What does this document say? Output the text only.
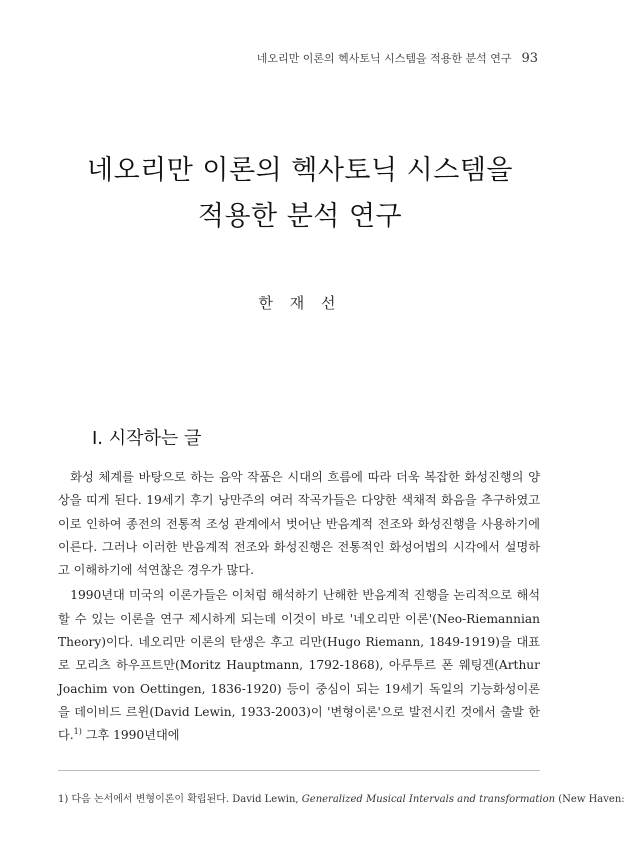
네오리만 이론의 헥사토닉 시스템을 적용한 분석 연구 93
네오리만 이론의 헥사토닉 시스템을
적용한 분석 연구
한 재 선
Ⅰ. 시작하는 글

화성 체계를 바탕으로 하는 음악 작품은 시대의 흐름에 따라 더욱 복잡한 화성진행의 양상을 띠게 된다. 19세기 후기 낭만주의 여러 작곡가들은 다양한 색채적 화음을 추구하였고 이로 인하여 종전의 전통적 조성 관계에서 벗어난 반음계적 전조와 화성진행을 사용하기에 이른다. 그러나 이러한 반음계적 전조와 화성진행은 전통적인 화성어법의 시각에서 설명하고 이해하기에 석연찮은 경우가 많다.

1990년대 미국의 이론가들은 이처럼 해석하기 난해한 반음계적 진행을 논리적으로 해석할 수 있는 이론을 연구 제시하게 되는데 이것이 바로 '네오리만 이론'(Neo-Riemannian Theory)이다. 네오리만 이론의 탄생은 후고 리만(Hugo Riemann, 1849-1919)을 대표로 모리츠 하우프트만(Moritz Hauptmann, 1792-1868), 아루투르 폰 웨팅겐(Arthur Joachim von Oettingen, 1836-1920) 등이 중심이 되는 19세기 독일의 기능화성이론을 데이비드 르윈(David Lewin, 1933-2003)이 '변형이론'으로 발전시킨 것에서 출발 한다.$^{1)}$ 그후 1990년대에

1) 다음 논서에서 변형이론이 확립된다. David Lewin, Generalized Musical Intervals and transformation (New Haven:
